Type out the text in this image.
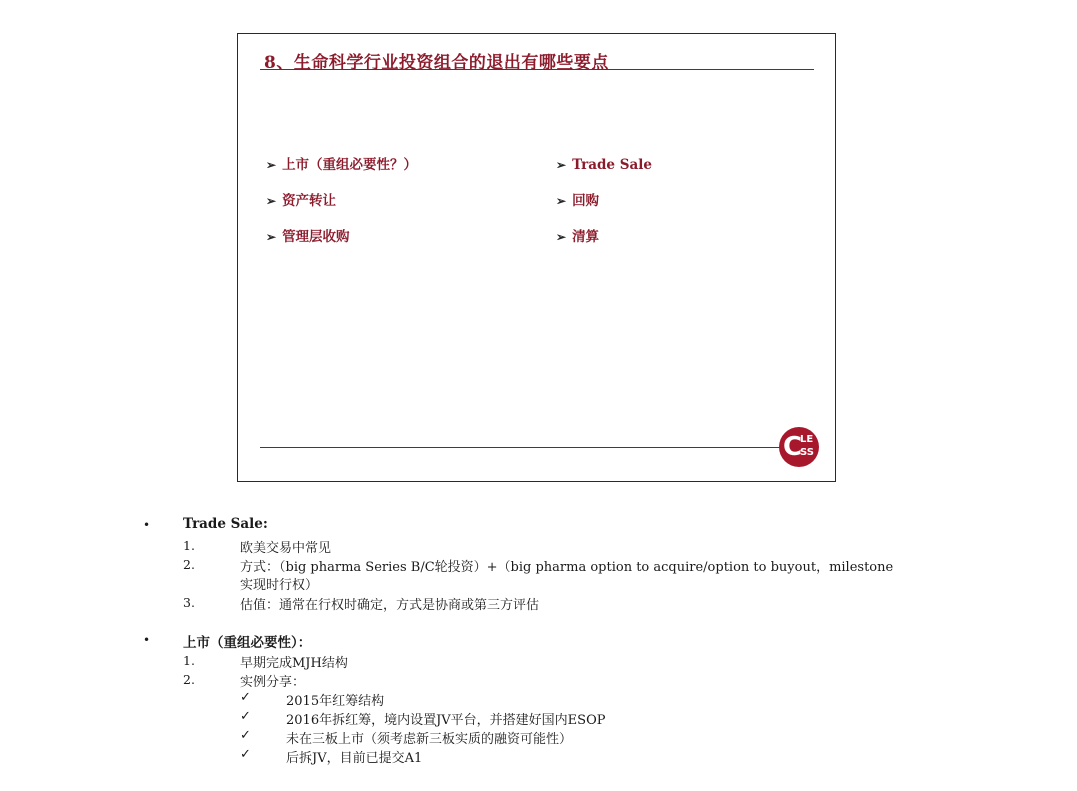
8、生命科学行业投资组合的退出有哪些要点
➢ 上市（重组必要性？）
➢ 资产转让
➢ 管理层收购
➢ Trade Sale
➢ 回购
➢ 清算
C
LE
SS
• Trade Sale:
1.	欧美交易中常见
2.	方式：（big pharma Series B/C轮投资）+（big pharma option to acquire/option to buyout，milestone
实现时行权）
3.	估值：通常在行权时确定，方式是协商或第三方评估
• 上市（重组必要性）：
1.	早期完成MJH结构
2.	实例分享：
✓	2015年红筹结构
✓	2016年拆红筹，境内设置JV平台，并搭建好国内ESOP
✓	未在三板上市（须考虑新三板实质的融资可能性）
✓	后拆JV，目前已提交A1
